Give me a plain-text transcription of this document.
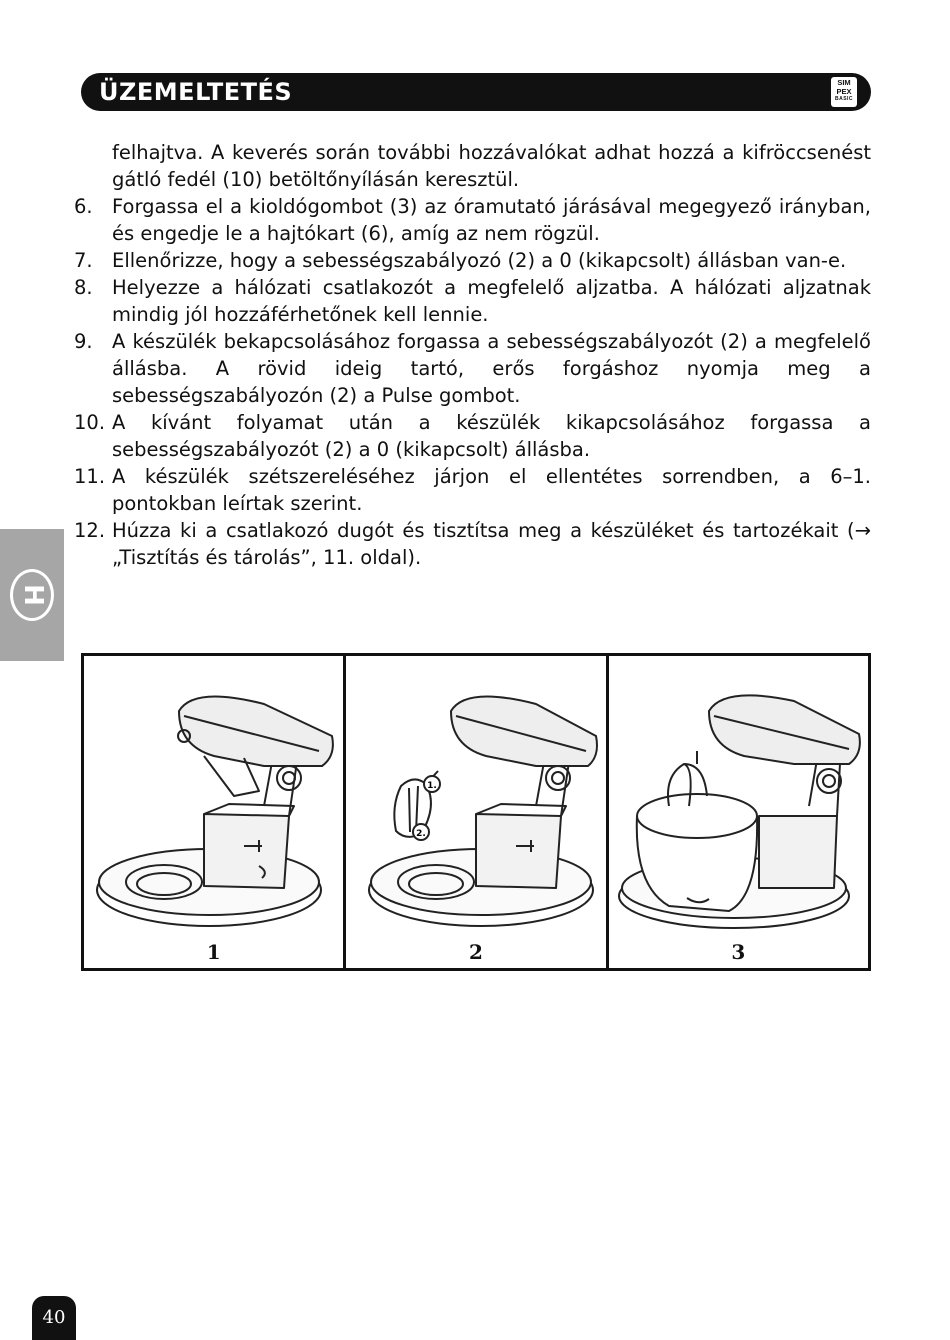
ÜZEMELTETÉS	SIM
PEX
BASIC
H

felhajtva. A keverés során további hozzávalókat adhat hozzá a kifröccsenést gátló fedél (10) betöltőnyílásán keresztül.

6. Forgassa el a kioldógombot (3) az óramutató járásával megegyező irányban, és engedje le a hajtókart (6), amíg az nem rögzül.

7. Ellenőrizze, hogy a sebességszabályozó (2) a 0 (kikapcsolt) állásban van-e.

8. Helyezze a hálózati csatlakozót a megfelelő aljzatba. A hálózati aljzatnak mindig jól hozzáférhetőnek kell lennie.

9. A készülék bekapcsolásához forgassa a sebességszabályozót (2) a megfelelő állásba. A rövid ideig tartó, erős forgáshoz nyomja meg a sebességszabályozón (2) a Pulse gombot.

10. A kívánt folyamat után a készülék kikapcsolásához forgassa a sebességszabályozót (2) a 0 (kikapcsolt) állásba.

11. A készülék szétszereléséhez járjon el ellentétes sorrendben, a 6–1. pontokban leírtak szerint.

12. Húzza ki a csatlakozó dugót és tisztítsa meg a készüléket és tartozékait (→ „Tisztítás és tárolás”, 11. oldal).

1
1.
2.
2	3
40
